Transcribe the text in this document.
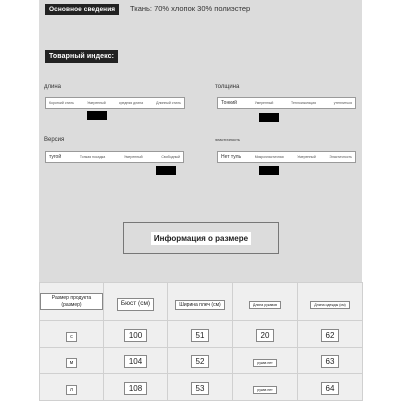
Основное сведения	Ткань: 70% хлопок 30% полиэстер
Товарный индекс:
длина
Короткий стиль	Умеренный	средняя длина	Длинный стиль
толщина
Тонкий	Умеренный	Теплоизоляция	утеплиться
Версия
тугой	Тонкая посадка	Умеренный	Свободный
эластичность
Нет туль	Микроэластичная	Умеренный	Эластичность
Информация о размере
Размер продукта (размер)	Бюст (см)	Ширина плеч (см)	Длина рукавов	Длина одежды (см)
с	100	51	20	62
м	104	52	рукав нет	63
л	108	53	рукав нет	64
